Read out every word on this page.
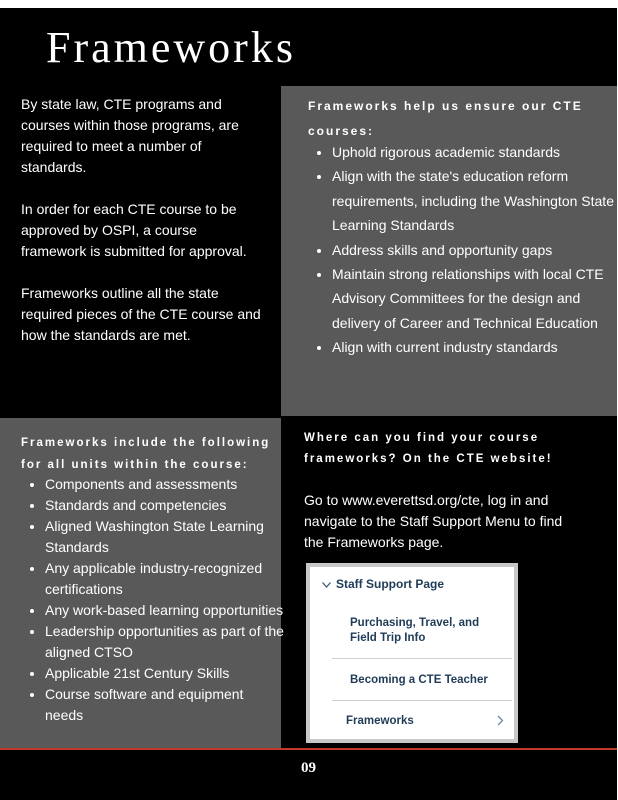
Frameworks

By state law, CTE programs and courses within those programs, are required to meet a number of standards.

In order for each CTE course to be approved by OSPI, a course framework is submitted for approval.

Frameworks outline all the state required pieces of the CTE course and how the standards are met.

Frameworks help us ensure our CTE courses:

• Uphold rigorous academic standards
• Align with the state's education reform requirements, including the Washington State Learning Standards
• Address skills and opportunity gaps
• Maintain strong relationships with local CTE Advisory Committees for the design and delivery of Career and Technical Education
• Align with current industry standards

Frameworks include the following for all units within the course:

• Components and assessments
• Standards and competencies
• Aligned Washington State Learning Standards
• Any applicable industry-recognized certifications
• Any work-based learning opportunities
• Leadership opportunities as part of the aligned CTSO
• Applicable 21st Century Skills
• Course software and equipment needs

Where can you find your course frameworks? On the CTE website!

Go to www.everettsd.org/cte, log in and navigate to the Staff Support Menu to find the Frameworks page.

Staff Support Page
Purchasing, Travel, and Field Trip Info
Becoming a CTE Teacher
Frameworks
09
